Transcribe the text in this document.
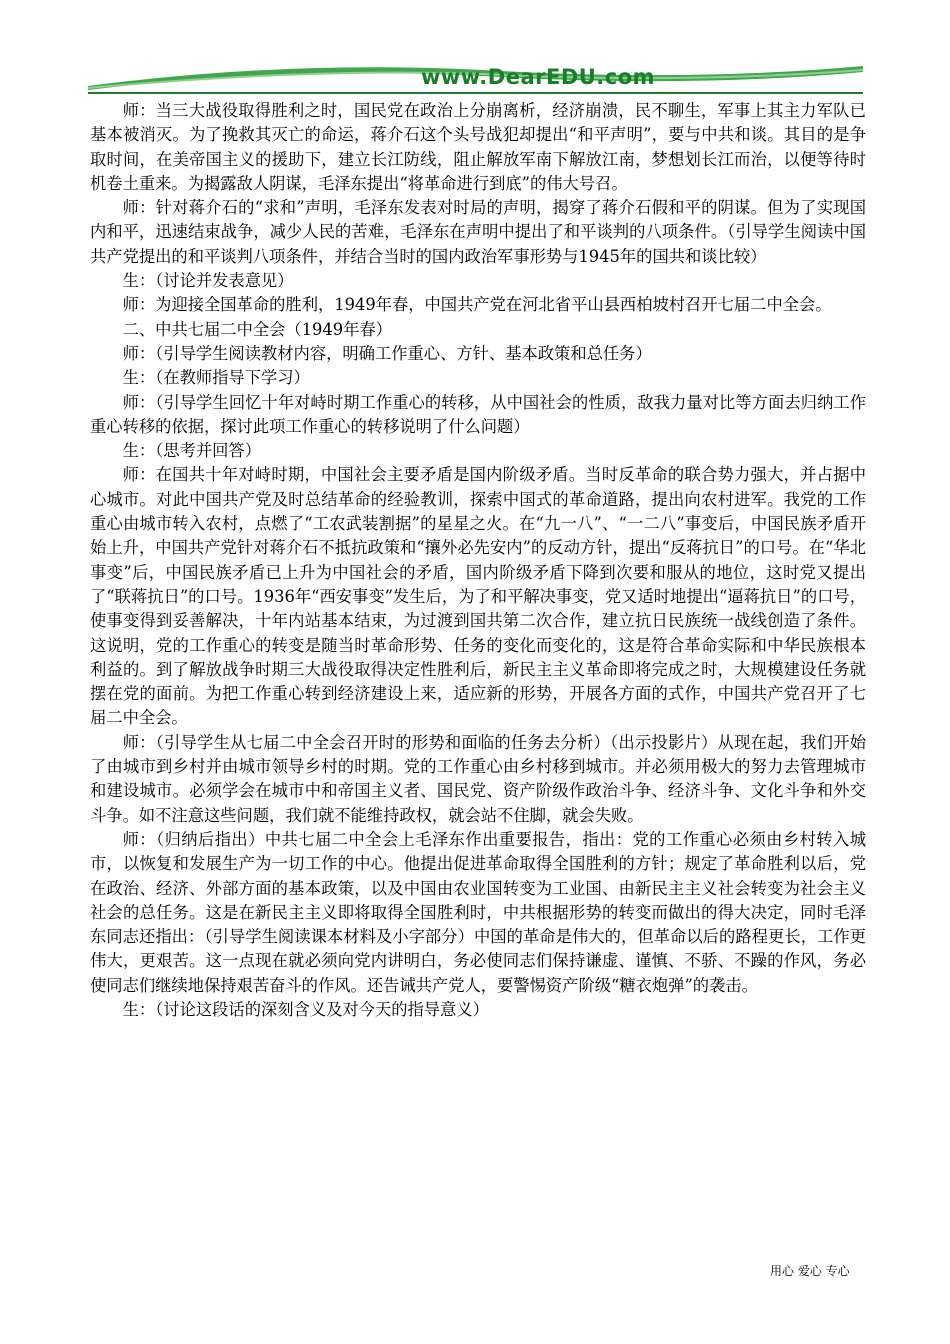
www.DearEDU.com

师：当三大战役取得胜利之时，国民党在政治上分崩离析，经济崩溃，民不聊生，军事上其主力军队已基本被消灭。为了挽救其灭亡的命运，蒋介石这个头号战犯却提出“和平声明”，要与中共和谈。其目的是争取时间，在美帝国主义的援助下，建立长江防线，阻止解放军南下解放江南，梦想划长江而治，以便等待时机卷土重来。为揭露敌人阴谋，毛泽东提出“将革命进行到底”的伟大号召。

师：针对蒋介石的“求和”声明，毛泽东发表对时局的声明，揭穿了蒋介石假和平的阴谋。但为了实现国内和平，迅速结束战争，减少人民的苦难，毛泽东在声明中提出了和平谈判的八项条件。（引导学生阅读中国共产党提出的和平谈判八项条件，并结合当时的国内政治军事形势与1945年的国共和谈比较）

生：（讨论并发表意见）

师：为迎接全国革命的胜利，1949年春，中国共产党在河北省平山县西柏坡村召开七届二中全会。

二、中共七届二中全会（1949年春）

师：（引导学生阅读教材内容，明确工作重心、方针、基本政策和总任务）

生：（在教师指导下学习）

师：（引导学生回忆十年对峙时期工作重心的转移，从中国社会的性质，敌我力量对比等方面去归纳工作重心转移的依据，探讨此项工作重心的转移说明了什么问题）

生：（思考并回答）

师：在国共十年对峙时期，中国社会主要矛盾是国内阶级矛盾。当时反革命的联合势力强大，并占据中心城市。对此中国共产党及时总结革命的经验教训，探索中国式的革命道路，提出向农村进军。我党的工作重心由城市转入农村，点燃了“工农武装割据”的星星之火。在“九一八”、“一二八”事变后，中国民族矛盾开始上升，中国共产党针对蒋介石不抵抗政策和“攘外必先安内”的反动方针，提出“反蒋抗日”的口号。在“华北事变”后，中国民族矛盾已上升为中国社会的矛盾，国内阶级矛盾下降到次要和服从的地位，这时党又提出了“联蒋抗日”的口号。1936年“西安事变”发生后，为了和平解决事变，党又适时地提出“逼蒋抗日”的口号，使事变得到妥善解决，十年内站基本结束，为过渡到国共第二次合作，建立抗日民族统一战线创造了条件。这说明，党的工作重心的转变是随当时革命形势、任务的变化而变化的，这是符合革命实际和中华民族根本利益的。到了解放战争时期三大战役取得决定性胜利后，新民主主义革命即将完成之时，大规模建设任务就摆在党的面前。为把工作重心转到经济建设上来，适应新的形势，开展各方面的式作，中国共产党召开了七届二中全会。

师：（引导学生从七届二中全会召开时的形势和面临的任务去分析）（出示投影片）从现在起，我们开始了由城市到乡村并由城市领导乡村的时期。党的工作重心由乡村移到城市。并必须用极大的努力去管理城市和建设城市。必须学会在城市中和帝国主义者、国民党、资产阶级作政治斗争、经济斗争、文化斗争和外交斗争。如不注意这些问题，我们就不能维持政权，就会站不住脚，就会失败。

师：（归纳后指出）中共七届二中全会上毛泽东作出重要报告，指出：党的工作重心必须由乡村转入城市，以恢复和发展生产为一切工作的中心。他提出促进革命取得全国胜利的方针；规定了革命胜利以后，党在政治、经济、外部方面的基本政策，以及中国由农业国转变为工业国、由新民主主义社会转变为社会主义社会的总任务。这是在新民主主义即将取得全国胜利时，中共根据形势的转变而做出的得大决定，同时毛泽东同志还指出：（引导学生阅读课本材料及小字部分）中国的革命是伟大的，但革命以后的路程更长，工作更伟大，更艰苦。这一点现在就必须向党内讲明白，务必使同志们保持谦虚、谨慎、不骄、不躁的作风，务必使同志们继续地保持艰苦奋斗的作风。还告诫共产党人，要警惕资产阶级“糖衣炮弹”的袭击。

生：（讨论这段话的深刻含义及对今天的指导意义）

用心 爱心 专心
